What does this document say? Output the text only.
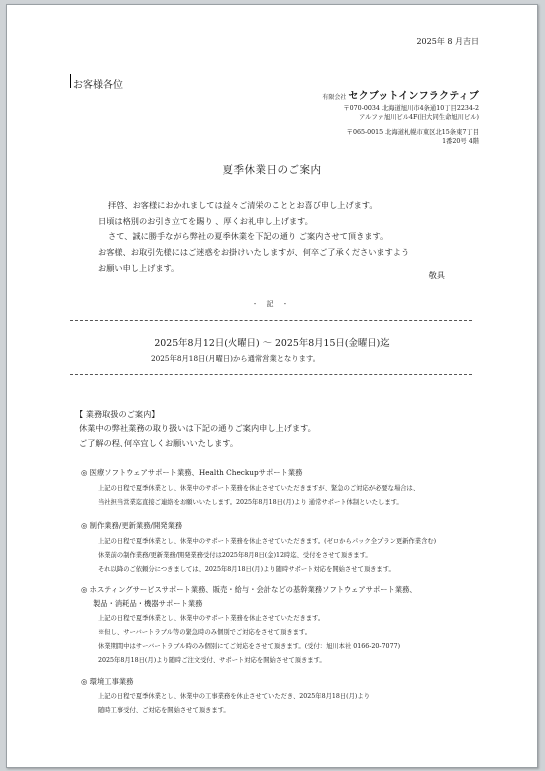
2025年 8 月吉日
お客様各位
有限会社 セクブットインフラクティブ
〒070-0034 北海道旭川市4条通10丁目2234-2
アルファ旭川ビル4F(旧大同生命旭川ビル)
〒065-0015 北海道札幌市東区北15条東7丁目
1番20号 4階
夏季休業日のご案内
拝啓、お客様におかれましては益々ご清栄のこととお喜び申し上げます。
日頃は格別のお引き立てを賜り 、厚くお礼申し上げます。
さて、誠に勝手ながら弊社の夏季休業を下記の通り ご案内させて頂きます。
お客様、お取引先様にはご迷惑をお掛けいたしますが、何卒ご了承くださいますよう
お願い申し上げます。
敬具
- 記 -
2025年8月12日(火曜日) 〜 2025年8月15日(金曜日)迄
2025年8月18日(月曜日)から通常営業となります。
【 業務取扱のご案内】
休業中の弊社業務の取り扱いは下記の通りご案内申し上げます。
ご了解の程､何卒宜しくお願いいたします。
◎ 医療ソフトウェアサポート業務、Health Checkupサポート業務
上記の日程で夏季休業とし、休業中のサポート業務を休止させていただきますが、緊急のご対応が必要な場合は、
当社担当営業迄直接ご連絡をお願いいたします。2025年8月18日(月)より 通常サポート体制といたします。
◎ 制作業務/更新業務/開発業務
上記の日程で夏季休業とし、休業中のサポート業務を休止させていただきます。(ゼロからパック全プラン更新作業含む)
休業前の制作業務/更新業務/開発業務受付は2025年8月8日(金)12時迄、受付をさせて頂きます。
それ以降のご依頼分につきましては、2025年8月18日(月)より随時サポート対応を開始させて頂きます。
◎ ホスティングサービスサポート業務、販売・給与・会計などの基幹業務ソフトウェアサポート業務、
製品・消耗品・機器サポート業務
上記の日程で夏季休業とし、休業中のサポート業務を休止させていただきます。
※但し、サーバートラブル等の緊急時のみ個別でご対応をさせて頂きます。
休業期間中はサーバートラブル時のみ個別にてご対応をさせて頂きます。(受付：旭川本社 0166-20-7077)
2025年8月18日(月)より随時ご注文受付、サポート対応を開始させて頂きます。
◎ 環境工事業務
上記の日程で夏季休業とし、休業中の工事業務を休止させていただき、2025年8月18日(月)より
随時工事受付、ご対応を開始させて頂きます。
